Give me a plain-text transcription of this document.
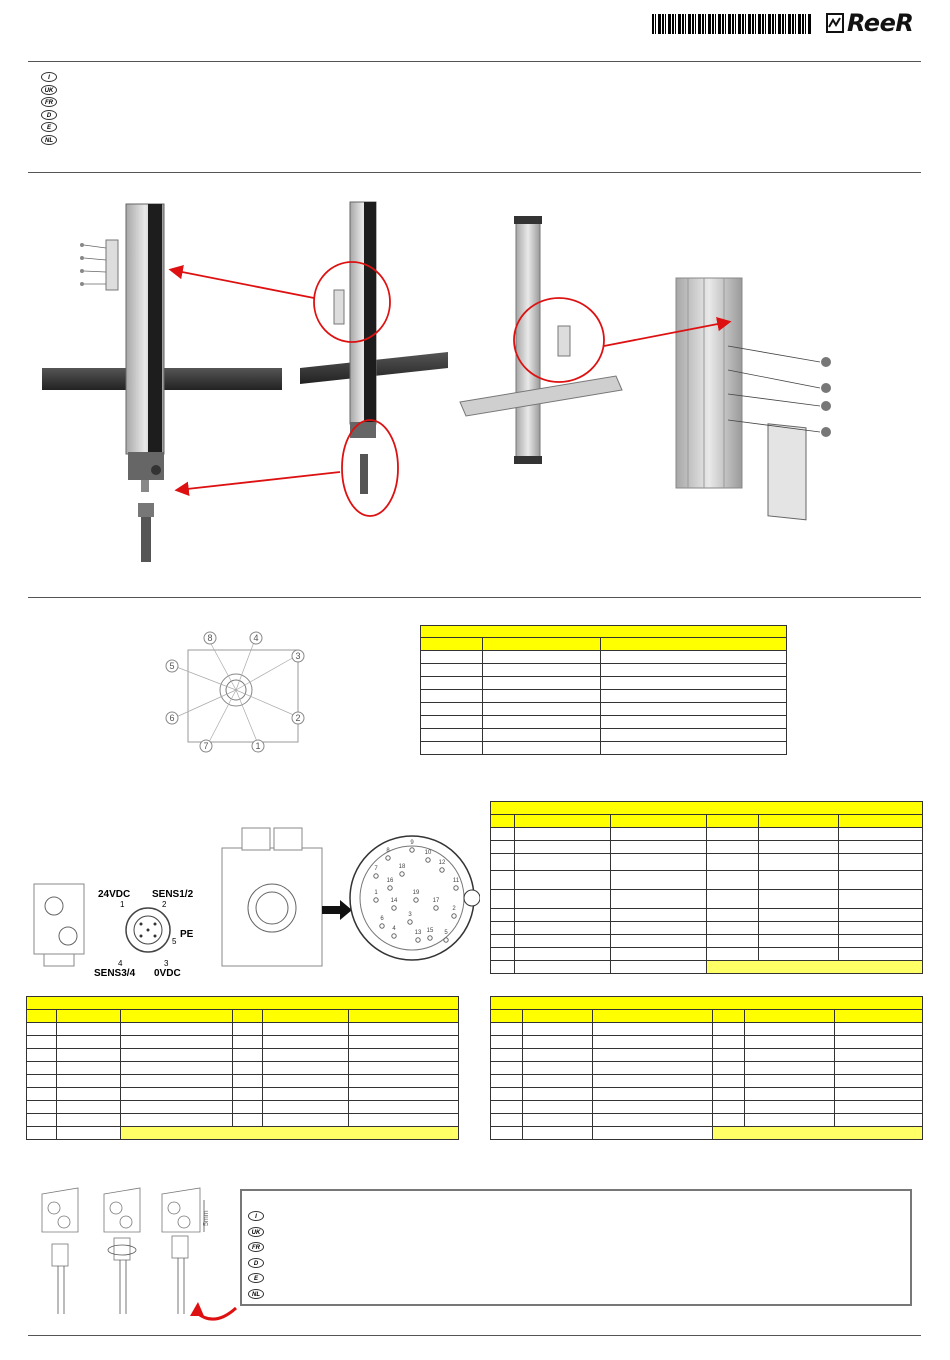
ReeR
I
UK
FR
D
E
NL
8	4
3
5
2
6
7	1

24VDC
1
SENS1/2
2
PE
5
4
SENS3/4
3
0VDC
9
8	10
12
7	18
16	11
1	19
14	17
2
6
3
4	15
13	5

5mm	I
UK
FR
D
E
NL
